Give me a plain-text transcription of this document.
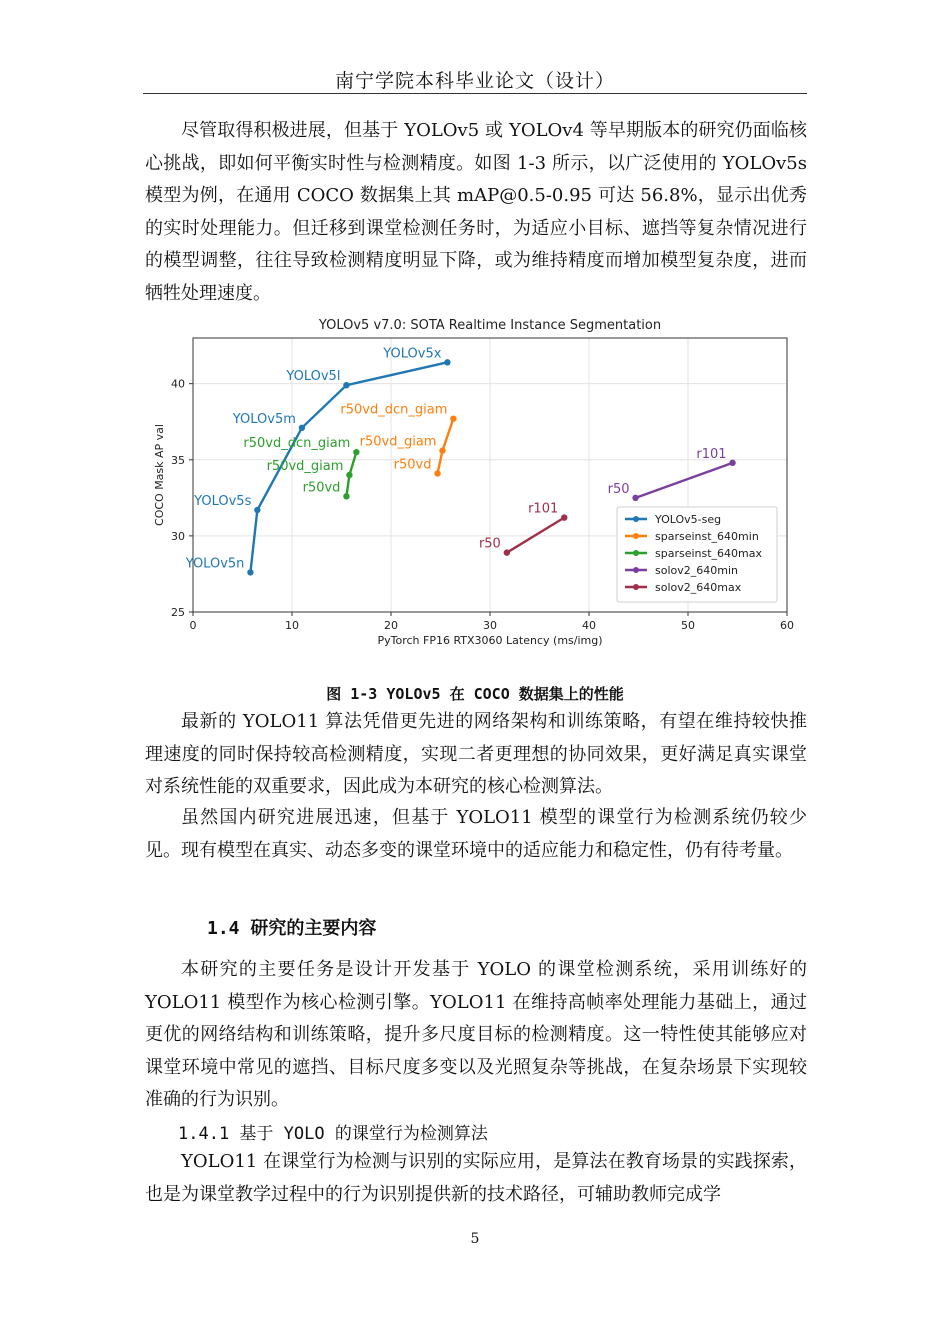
南宁学院本科毕业论文（设计）

尽管取得积极进展，但基于 YOLOv5 或 YOLOv4 等早期版本的研究仍面临核心挑战，即如何平衡实时性与检测精度。如图 1-3 所示，以广泛使用的 YOLOv5s 模型为例，在通用 COCO 数据集上其 mAP@0.5-0.95 可达 56.8%，显示出优秀的实时处理能力。但迁移到课堂检测任务时，为适应小目标、遮挡等复杂情况进行的模型调整，往往导致检测精度明显下降，或为维持精度而增加模型复杂度，进而牺牲处理速度。

0	10	20	30	40	50	60
25
30
35
40
YOLOv5n
YOLOv5s
YOLOv5m
YOLOv5l
YOLOv5x
r50vd
r50vd_giam
r50vd_dcn_giam
r50vd
r50vd_giam
r50vd_dcn_giam
r50
r101
r50
r101
YOLOv5 v7.0: SOTA Realtime Instance Segmentation
PyTorch FP16 RTX3060 Latency (ms/img)
COCO Mask AP val	YOLOv5-seg
sparseinst_640min
sparseinst_640max
solov2_640min
solov2_640max
图 1-3 YOLOv5 在 COCO 数据集上的性能

最新的 YOLO11 算法凭借更先进的网络架构和训练策略，有望在维持较快推理速度的同时保持较高检测精度，实现二者更理想的协同效果，更好满足真实课堂对系统性能的双重要求，因此成为本研究的核心检测算法。

虽然国内研究进展迅速，但基于 YOLO11 模型的课堂行为检测系统仍较少见。现有模型在真实、动态多变的课堂环境中的适应能力和稳定性，仍有待考量。

1.4 研究的主要内容

本研究的主要任务是设计开发基于 YOLO 的课堂检测系统，采用训练好的 YOLO11 模型作为核心检测引擎。YOLO11 在维持高帧率处理能力基础上，通过更优的网络结构和训练策略，提升多尺度目标的检测精度。这一特性使其能够应对课堂环境中常见的遮挡、目标尺度多变以及光照复杂等挑战，在复杂场景下实现较准确的行为识别。

1.4.1 基于 YOLO 的课堂行为检测算法

YOLO11 在课堂行为检测与识别的实际应用，是算法在教育场景的实践探索，也是为课堂教学过程中的行为识别提供新的技术路径，可辅助教师完成学

5
